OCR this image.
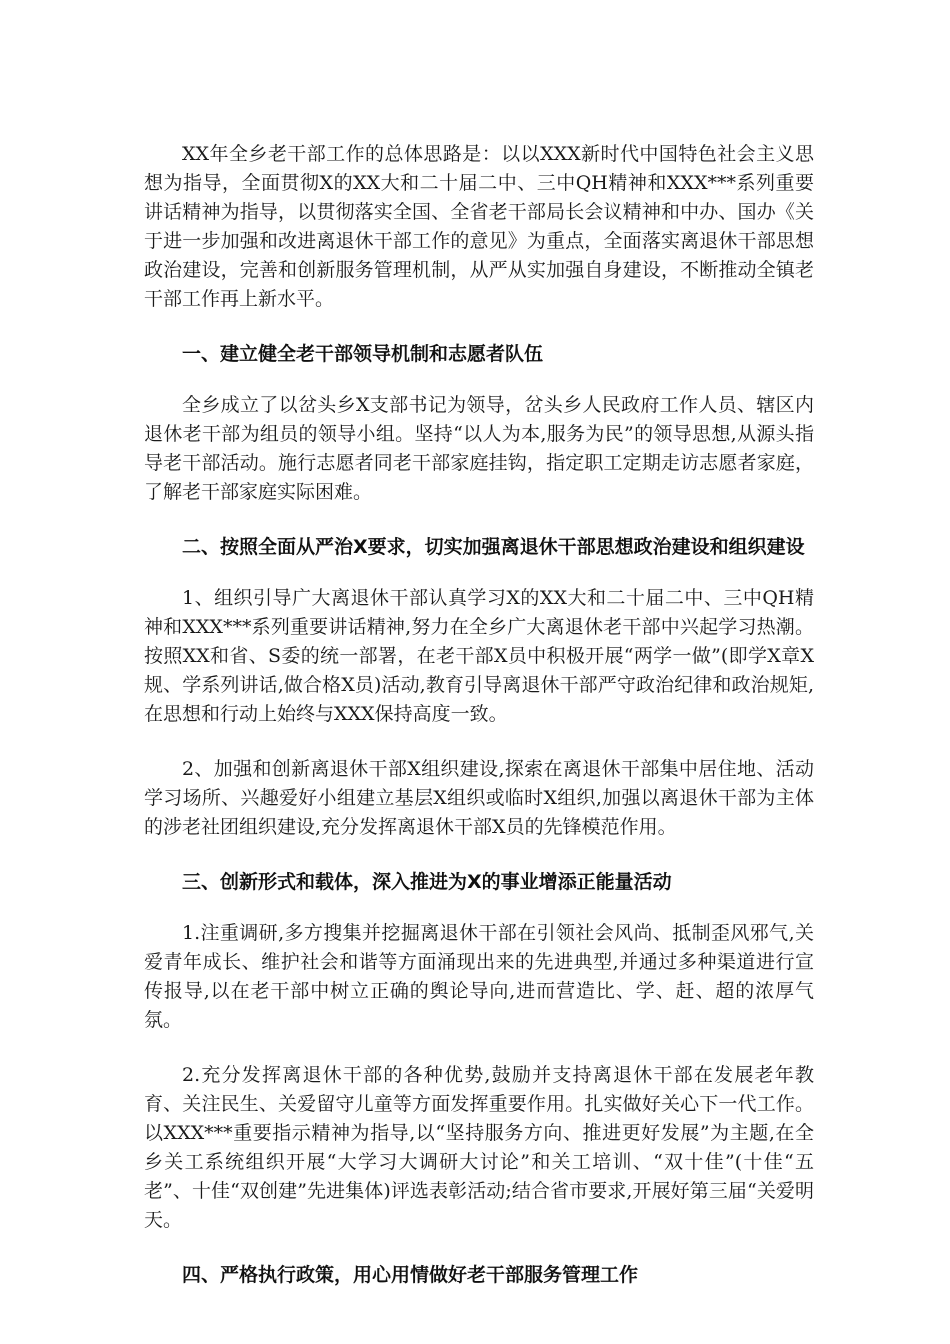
XX年全乡老干部工作的总体思路是：以以XXX新时代中国特色社会主义思想为指导，全面贯彻X的XX大和二十届二中、三中QH精神和XXX***系列重要讲话精神为指导，以贯彻落实全国、全省老干部局长会议精神和中办、国办《关于进一步加强和改进离退休干部工作的意见》为重点，全面落实离退休干部思想政治建设，完善和创新服务管理机制，从严从实加强自身建设，不断推动全镇老干部工作再上新水平。

一、建立健全老干部领导机制和志愿者队伍

全乡成立了以岔头乡X支部书记为领导，岔头乡人民政府工作人员、辖区内退休老干部为组员的领导小组。坚持“以人为本,服务为民”的领导思想,从源头指导老干部活动。施行志愿者同老干部家庭挂钩，指定职工定期走访志愿者家庭，了解老干部家庭实际困难。

二、按照全面从严治X要求，切实加强离退休干部思想政治建设和组织建设

1、组织引导广大离退休干部认真学习X的XX大和二十届二中、三中QH精神和XXX***系列重要讲话精神,努力在全乡广大离退休老干部中兴起学习热潮。按照XX和省、S委的统一部署，在老干部X员中积极开展“两学一做”(即学X章X规、学系列讲话,做合格X员)活动,教育引导离退休干部严守政治纪律和政治规矩,在思想和行动上始终与XXX保持高度一致。

2、加强和创新离退休干部X组织建设,探索在离退休干部集中居住地、活动学习场所、兴趣爱好小组建立基层X组织或临时X组织,加强以离退休干部为主体的涉老社团组织建设,充分发挥离退休干部X员的先锋模范作用。

三、创新形式和载体，深入推进为X的事业增添正能量活动

1.注重调研,多方搜集并挖掘离退休干部在引领社会风尚、抵制歪风邪气,关爱青年成长、维护社会和谐等方面涌现出来的先进典型,并通过多种渠道进行宣传报导,以在老干部中树立正确的舆论导向,进而营造比、学、赶、超的浓厚气氛。

2.充分发挥离退休干部的各种优势,鼓励并支持离退休干部在发展老年教育、关注民生、关爱留守儿童等方面发挥重要作用。扎实做好关心下一代工作。以XXX***重要指示精神为指导,以“坚持服务方向、推进更好发展”为主题,在全乡关工系统组织开展“大学习大调研大讨论”和关工培训、“双十佳”(十佳“五老”、十佳“双创建”先进集体)评选表彰活动;结合省市要求,开展好第三届“关爱明天。

四、严格执行政策，用心用情做好老干部服务管理工作
